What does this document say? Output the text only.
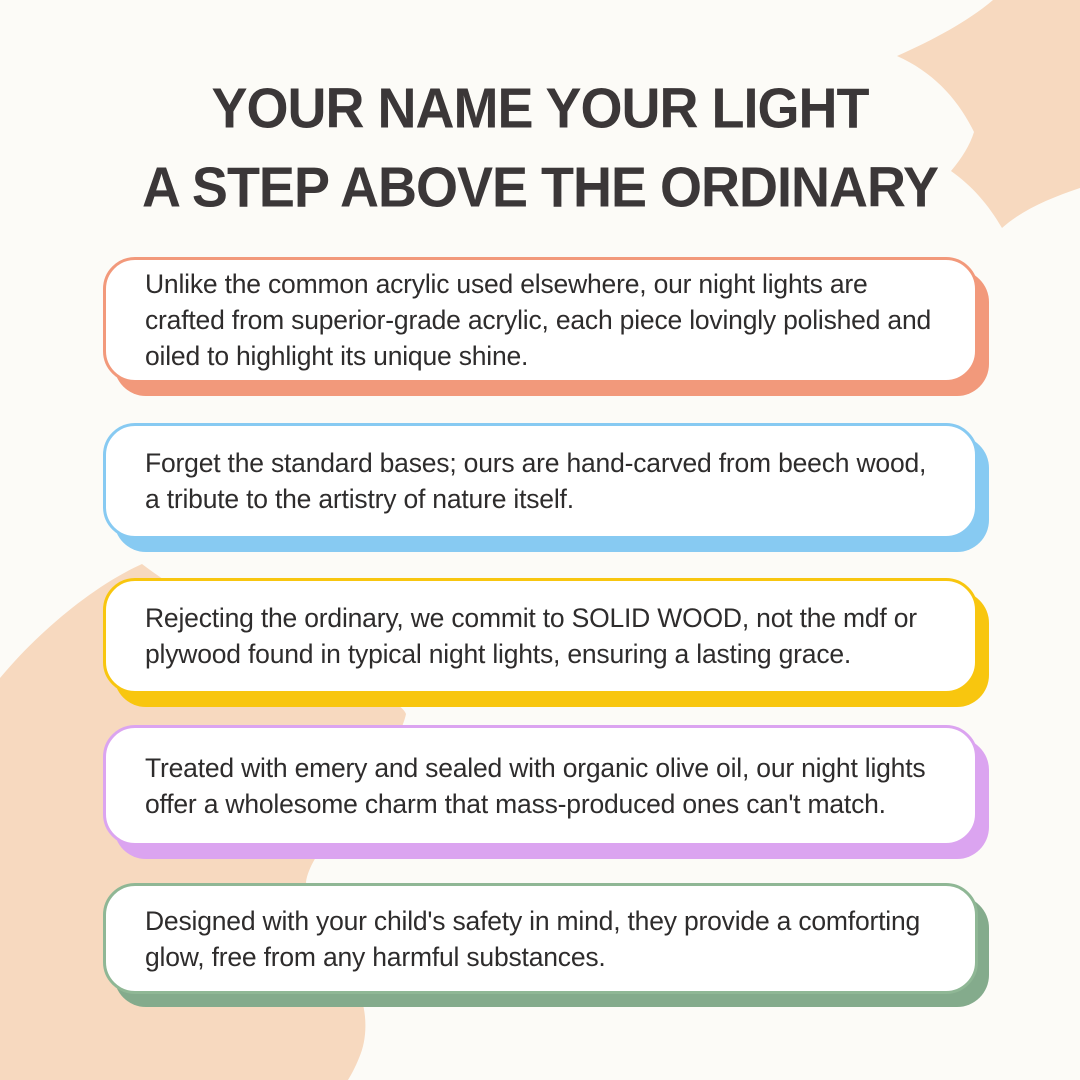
YOUR NAME YOUR LIGHT
A STEP ABOVE THE ORDINARY

Unlike the common acrylic used elsewhere, our night lights are crafted from superior-grade acrylic, each piece lovingly polished and oiled to highlight its unique shine.

Forget the standard bases; ours are hand-carved from beech wood, a tribute to the artistry of nature itself.

Rejecting the ordinary, we commit to SOLID WOOD, not the mdf or plywood found in typical night lights, ensuring a lasting grace.

Treated with emery and sealed with organic olive oil, our night lights offer a wholesome charm that mass-produced ones can't match.

Designed with your child's safety in mind, they provide a comforting glow, free from any harmful substances.
